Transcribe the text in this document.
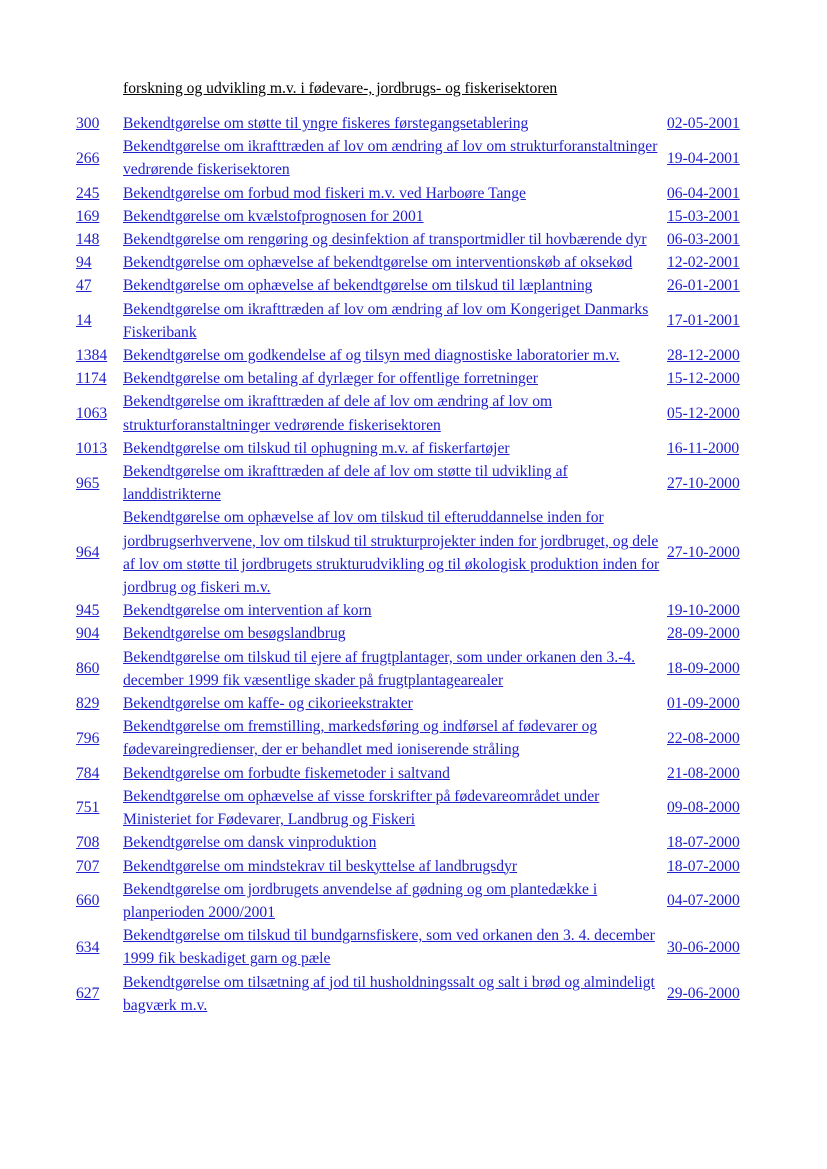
forskning og udvikling m.v. i fødevare-, jordbrugs- og fiskerisektoren
300	Bekendtgørelse om støtte til yngre fiskeres førstegangsetablering	02-05-2001
266	Bekendtgørelse om ikrafttræden af lov om ændring af lov om strukturforanstaltninger vedrørende fiskerisektoren	19-04-2001
245	Bekendtgørelse om forbud mod fiskeri m.v. ved Harboøre Tange	06-04-2001
169	Bekendtgørelse om kvælstofprognosen for 2001	15-03-2001
148	Bekendtgørelse om rengøring og desinfektion af transportmidler til hovbærende dyr	06-03-2001
94	Bekendtgørelse om ophævelse af bekendtgørelse om interventionskøb af oksekød	12-02-2001
47	Bekendtgørelse om ophævelse af bekendtgørelse om tilskud til læplantning	26-01-2001
14	Bekendtgørelse om ikrafttræden af lov om ændring af lov om Kongeriget Danmarks Fiskeribank	17-01-2001
1384	Bekendtgørelse om godkendelse af og tilsyn med diagnostiske laboratorier m.v.	28-12-2000
1174	Bekendtgørelse om betaling af dyrlæger for offentlige forretninger	15-12-2000
1063	Bekendtgørelse om ikrafttræden af dele af lov om ændring af lov om strukturforanstaltninger vedrørende fiskerisektoren	05-12-2000
1013	Bekendtgørelse om tilskud til ophugning m.v. af fiskerfartøjer	16-11-2000
965	Bekendtgørelse om ikrafttræden af dele af lov om støtte til udvikling af landdistrikterne	27-10-2000
964	Bekendtgørelse om ophævelse af lov om tilskud til efteruddannelse inden for jordbrugserhvervene, lov om tilskud til strukturprojekter inden for jordbruget, og dele af lov om støtte til jordbrugets strukturudvikling og til økologisk produktion inden for jordbrug og fiskeri m.v.	27-10-2000
945	Bekendtgørelse om intervention af korn	19-10-2000
904	Bekendtgørelse om besøgslandbrug	28-09-2000
860	Bekendtgørelse om tilskud til ejere af frugtplantager, som under orkanen den 3.-4. december 1999 fik væsentlige skader på frugtplantagearealer	18-09-2000
829	Bekendtgørelse om kaffe- og cikorieekstrakter	01-09-2000
796	Bekendtgørelse om fremstilling, markedsføring og indførsel af fødevarer og fødevareingredienser, der er behandlet med ioniserende stråling	22-08-2000
784	Bekendtgørelse om forbudte fiskemetoder i saltvand	21-08-2000
751	Bekendtgørelse om ophævelse af visse forskrifter på fødevareområdet under Ministeriet for Fødevarer, Landbrug og Fiskeri	09-08-2000
708	Bekendtgørelse om dansk vinproduktion	18-07-2000
707	Bekendtgørelse om mindstekrav til beskyttelse af landbrugsdyr	18-07-2000
660	Bekendtgørelse om jordbrugets anvendelse af gødning og om plantedække i planperioden 2000/2001	04-07-2000
634	Bekendtgørelse om tilskud til bundgarnsfiskere, som ved orkanen den 3. 4. december 1999 fik beskadiget garn og pæle	30-06-2000
627	Bekendtgørelse om tilsætning af jod til husholdningssalt og salt i brød og almindeligt bagværk m.v.	29-06-2000
